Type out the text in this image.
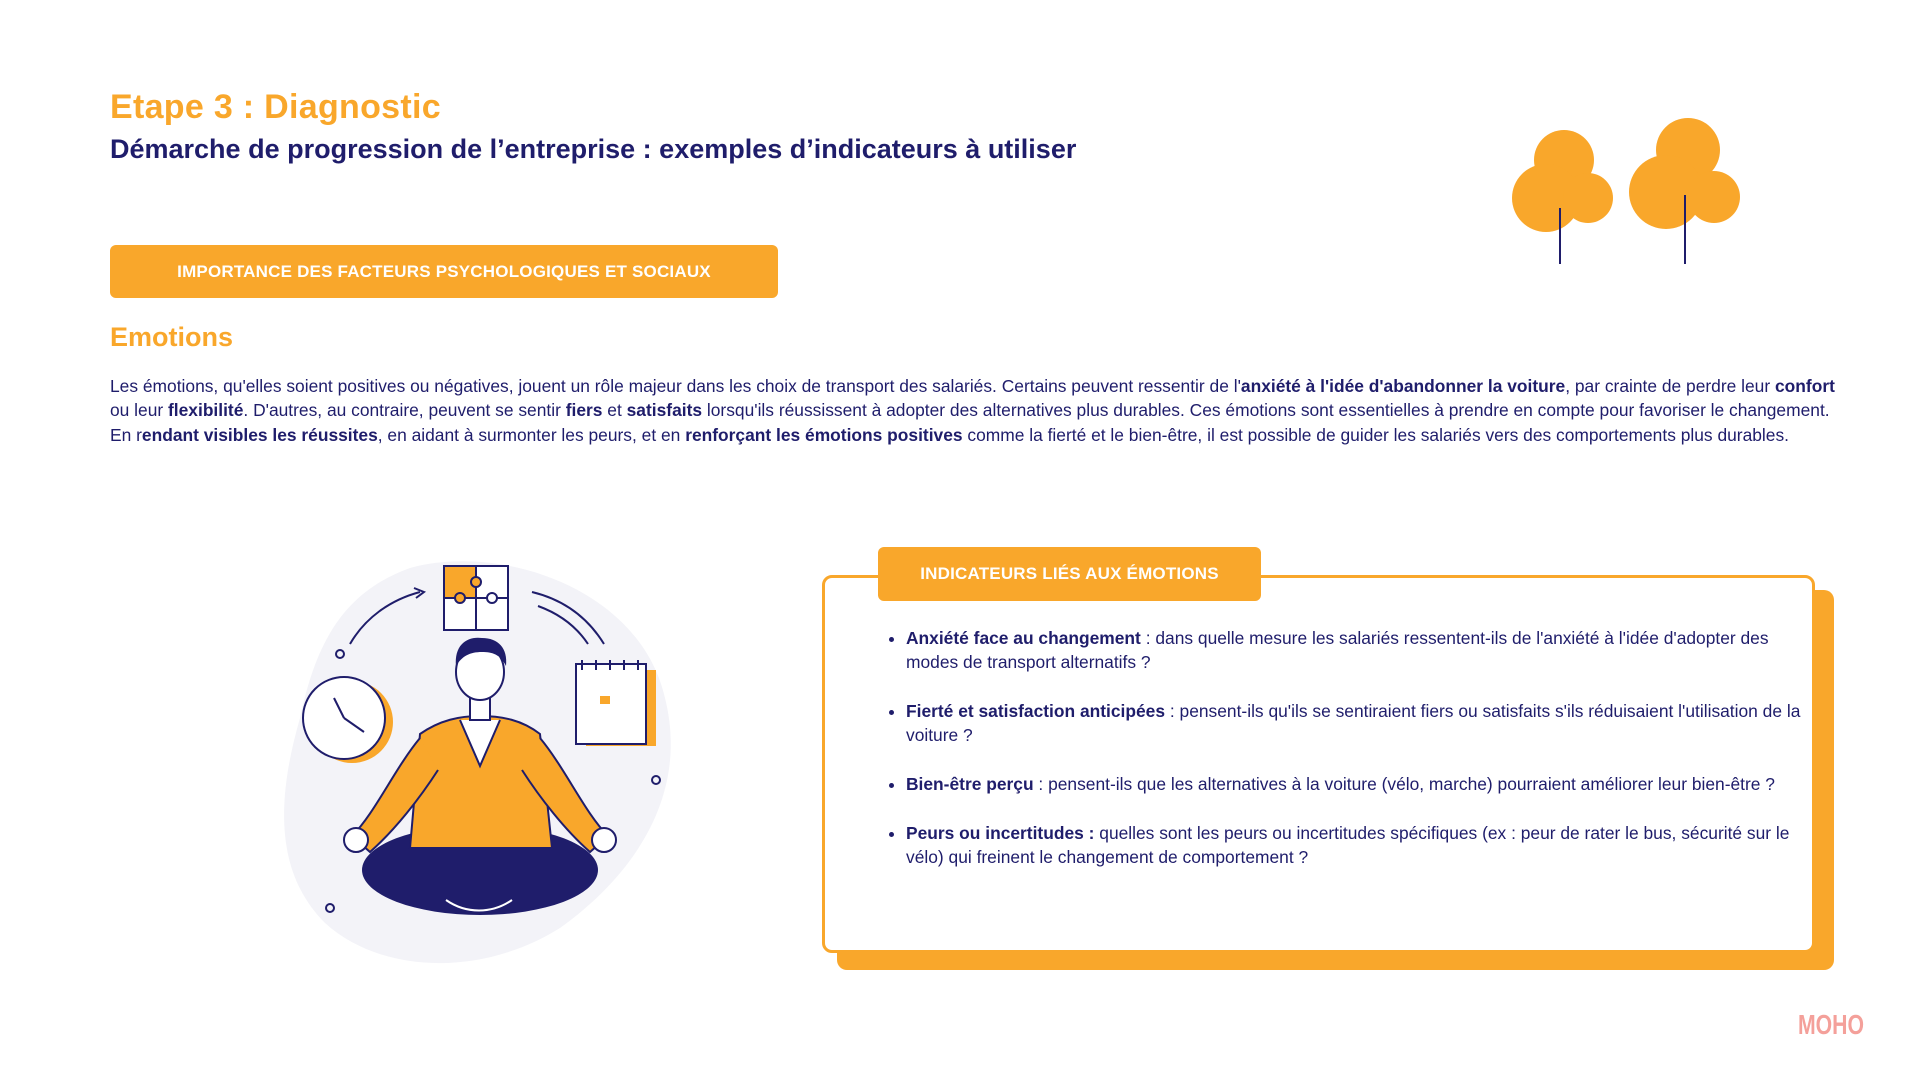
Etape 3 : Diagnostic
Démarche de progression de l’entreprise : exemples d’indicateurs à utiliser
IMPORTANCE DES FACTEURS PSYCHOLOGIQUES ET SOCIAUX
Emotions

Les émotions, qu'elles soient positives ou négatives, jouent un rôle majeur dans les choix de transport des salariés. Certains peuvent ressentir de l'anxiété à l'idée d'abandonner la voiture, par crainte de perdre leur confort ou leur flexibilité. D'autres, au contraire, peuvent se sentir fiers et satisfaits lorsqu'ils réussissent à adopter des alternatives plus durables. Ces émotions sont essentielles à prendre en compte pour favoriser le changement. En rendant visibles les réussites, en aidant à surmonter les peurs, et en renforçant les émotions positives comme la fierté et le bien-être, il est possible de guider les salariés vers des comportements plus durables.

INDICATEURS LIÉS AUX ÉMOTIONS
• Anxiété face au changement : dans quelle mesure les salariés ressentent-ils de l'anxiété à l'idée d'adopter des modes de transport alternatifs ?
• Fierté et satisfaction anticipées : pensent-ils qu'ils se sentiraient fiers ou satisfaits s'ils réduisaient l'utilisation de la voiture ?
• Bien-être perçu : pensent-ils que les alternatives à la voiture (vélo, marche) pourraient améliorer leur bien-être ?
• Peurs ou incertitudes : quelles sont les peurs ou incertitudes spécifiques (ex : peur de rater le bus, sécurité sur le vélo) qui freinent le changement de comportement ?
MOHO
